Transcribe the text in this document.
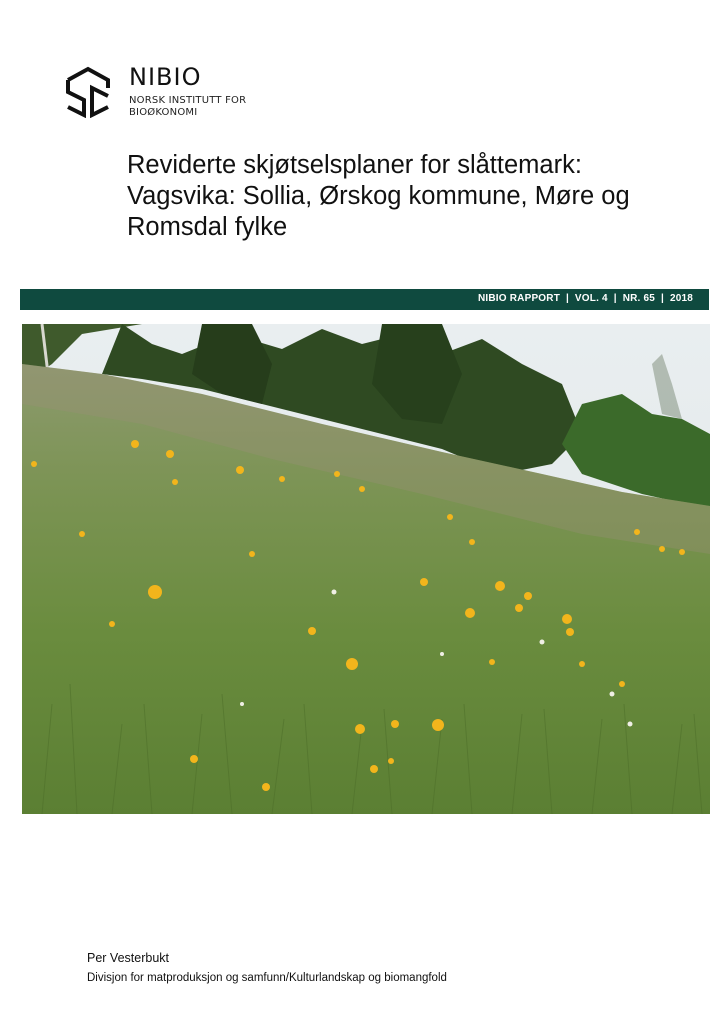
NIBIO
NORSK INSTITUTT FOR
BIOØKONOMI
Reviderte skjøtselsplaner for slåttemark:
Vagsvika: Sollia, Ørskog kommune, Møre og
Romsdal fylke
NIBIO RAPPORT  |  VOL. 4  |  NR. 65  |  2018
Per Vesterbukt
Divisjon for matproduksjon og samfunn/Kulturlandskap og biomangfold
